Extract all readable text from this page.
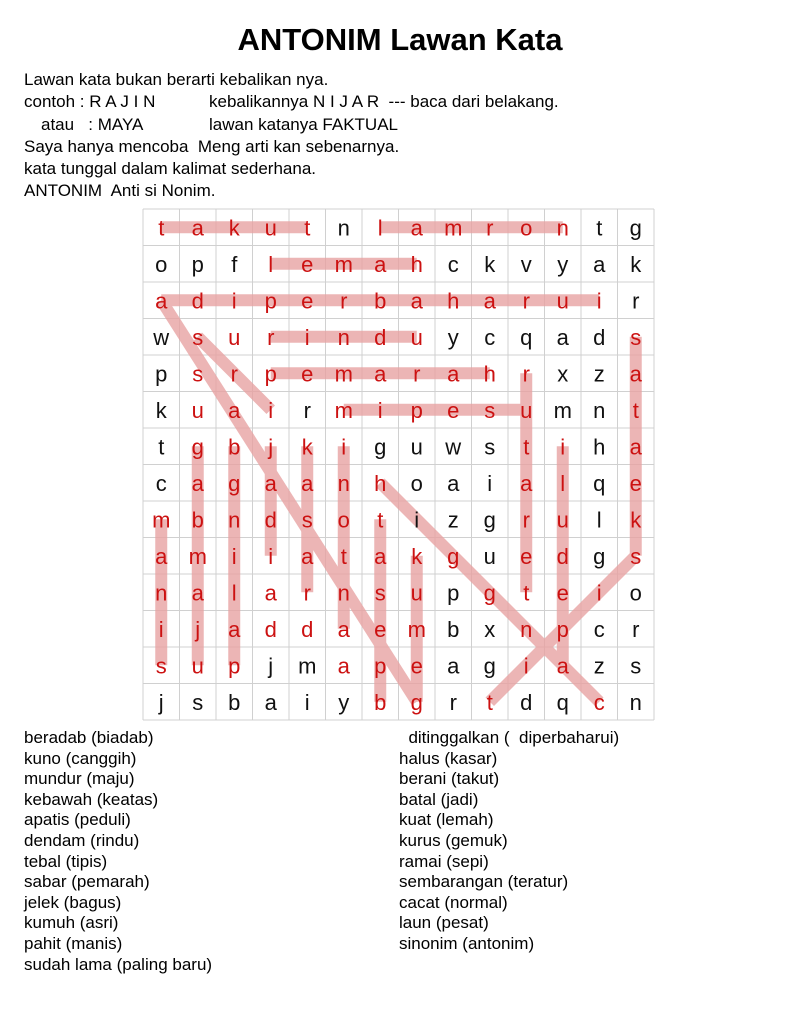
ANTONIM Lawan Kata

Lawan kata bukan berarti kebalikan nya.

contoh : R A J I N

	kebalikannya N I J A R  --- baca dari belakang.

atau   : MAYA

	lawan katanya FAKTUAL

Saya hanya mencoba  Meng arti kan sebenarnya.

kata tunggal dalam kalimat sederhana.

ANTONIM  Anti si Nonim.

t a k u t n l a m r o n t g
o p f l e m a h c k v y a k
a d i p e r b a h a r u i r
w s u r i n d u y c q a d s
p s r p e m a r a h r x z a
k u a i r m i p e s u m n t
t g b j k i g u w s t i h a
c a g a a n h o a i a l q e
m b n d s o t i z g r u l k
a m i i a t a k g u e d g s
n a l a r n s u p g t e i o
i j a d d a e m b x n p c r
s u p j m a p e a g i a z s
j s b a i y b g r t d q c n
beradab (biadab)
kuno (canggih)
mundur (maju)
kebawah (keatas)
apatis (peduli)
dendam (rindu)
tebal (tipis)
sabar (pemarah)
jelek (bagus)
kumuh (asri)
pahit (manis)
sudah lama (paling baru)
ditinggalkan (  diperbaharui)
halus (kasar)
berani (takut)
batal (jadi)
kuat (lemah)
kurus (gemuk)
ramai (sepi)
sembarangan (teratur)
cacat (normal)
laun (pesat)
sinonim (antonim)
